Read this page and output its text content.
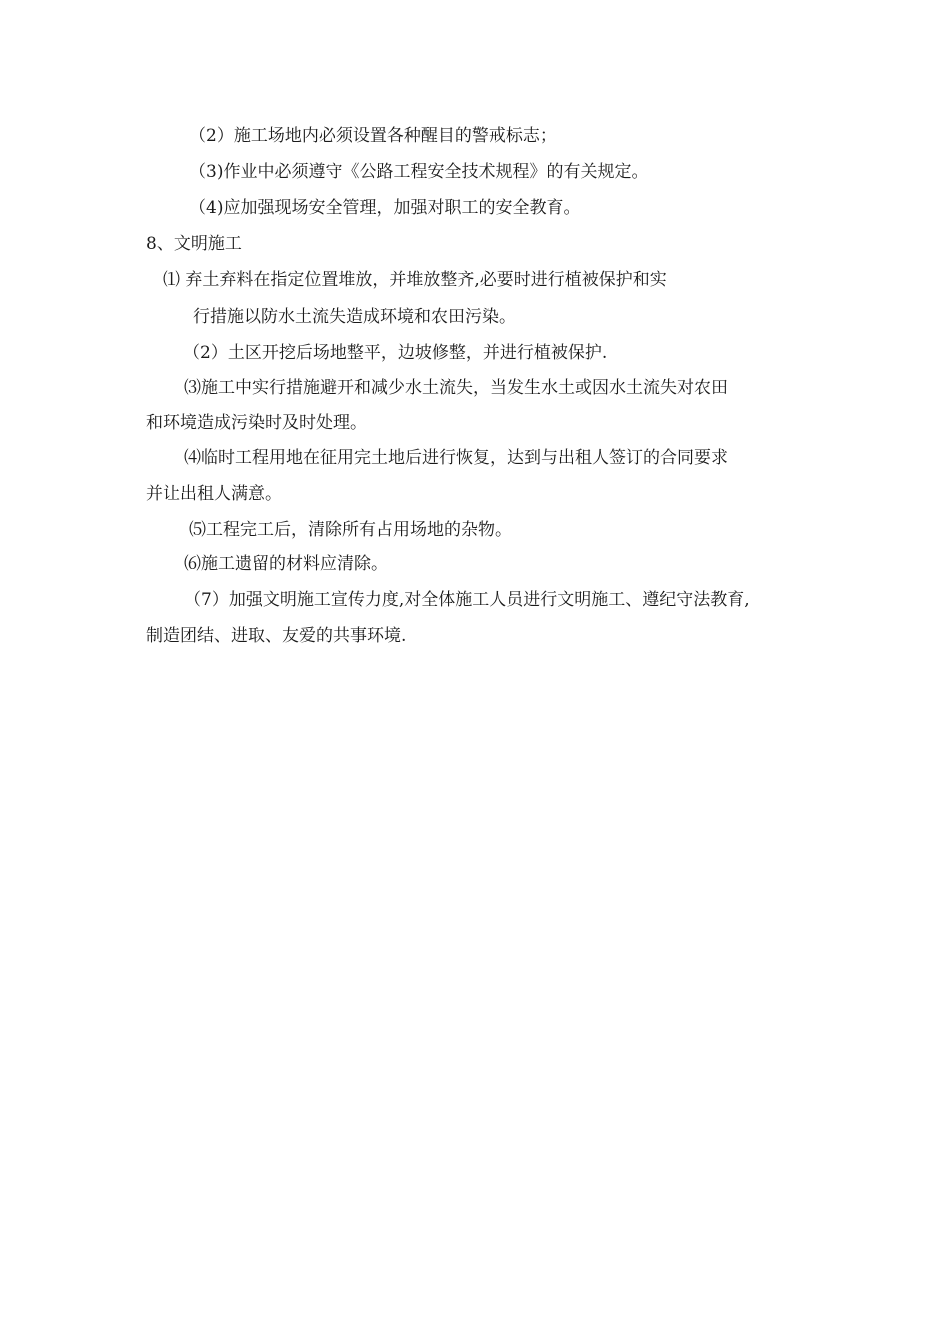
（2）施工场地内必须设置各种醒目的警戒标志；
（3)作业中必须遵守《公路工程安全技术规程》的有关规定。
（4)应加强现场安全管理，加强对职工的安全教育。
8、文明施工
⑴ 弃土弃料在指定位置堆放，并堆放整齐,必要时进行植被保护和实
行措施以防水土流失造成环境和农田污染。
（2）土区开挖后场地整平，边坡修整，并进行植被保护.
⑶施工中实行措施避开和减少水土流失，当发生水土或因水土流失对农田
和环境造成污染时及时处理。
⑷临时工程用地在征用完土地后进行恢复，达到与出租人签订的合同要求
并让出租人满意。
⑸工程完工后，清除所有占用场地的杂物。
⑹施工遗留的材料应清除。
（7）加强文明施工宣传力度,对全体施工人员进行文明施工、遵纪守法教育,
制造团结、进取、友爱的共事环境.
